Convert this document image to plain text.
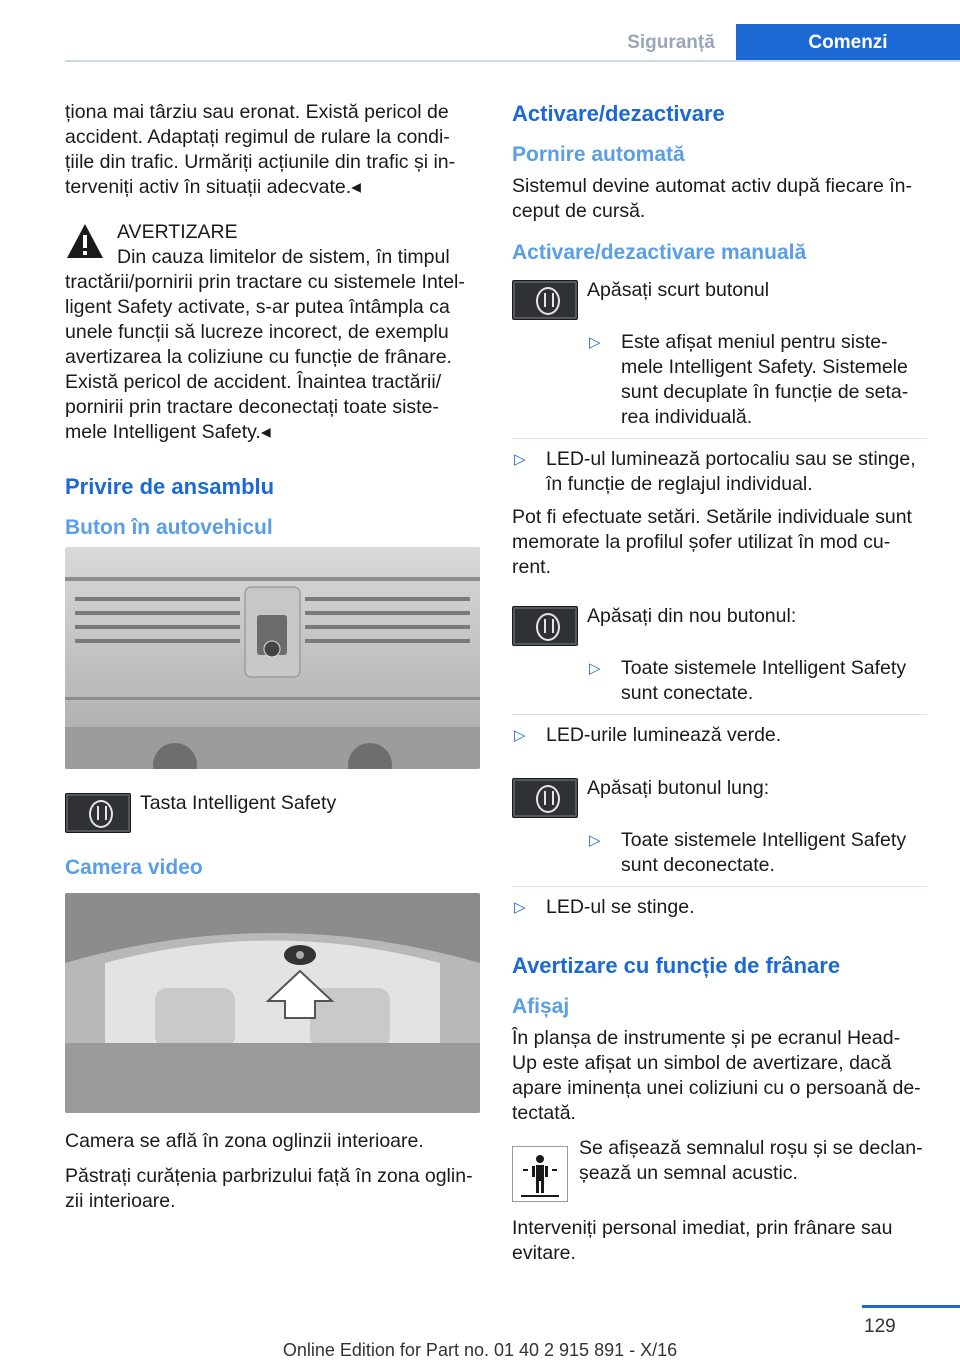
Siguranță	Comenzi

ționa mai târziu sau eronat. Există pericol de accident. Adaptați regimul de rulare la condi‐ țiile din trafic. Urmăriți acțiunile din trafic și in‐ terveniți activ în situații adecvate.◂

AVERTIZARE
Din cauza limitelor de sistem, în timpul
tractării/pornirii prin tractare cu sistemele Intel‐ ligent Safety activate, s-ar putea întâmpla ca unele funcții să lucreze incorect, de exemplu avertizarea la coliziune cu funcție de frânare. Există pericol de accident. Înaintea tractării/ pornirii prin tractare deconectați toate siste‐ mele Intelligent Safety.◂
Privire de ansamblu
Buton în autovehicul
Tasta Intelligent Safety
Camera video

Camera se află în zona oglinzii interioare.

Păstrați curățenia parbrizului față în zona oglin‐ zii interioare.

Activare/dezactivare
Pornire automată

Sistemul devine automat activ după fiecare în‐ ceput de cursă.

Activare/dezactivare manuală
Apăsați scurt butonul
▷ Este afișat meniul pentru siste‐ mele Intelligent Safety. Sistemele sunt decuplate în funcție de seta‐ rea individuală.
▷ LED-ul luminează portocaliu sau se stinge, în funcție de reglajul individual.

Pot fi efectuate setări. Setările individuale sunt memorate la profilul șofer utilizat în mod cu‐ rent.

Apăsați din nou butonul:
▷ Toate sistemele Intelligent Safety sunt conectate.
▷ LED-urile luminează verde.
Apăsați butonul lung:
▷ Toate sistemele Intelligent Safety sunt deconectate.
▷ LED-ul se stinge.
Avertizare cu funcție de frânare
Afișaj

În planșa de instrumente și pe ecranul Head- Up este afișat un simbol de avertizare, dacă apare iminența unei coliziuni cu o persoană de‐ tectată.

Se afișează semnalul roșu și se declan‐ șează un semnal acustic.

Interveniți personal imediat, prin frânare sau evitare.

129
Online Edition for Part no. 01 40 2 915 891 - X/16
